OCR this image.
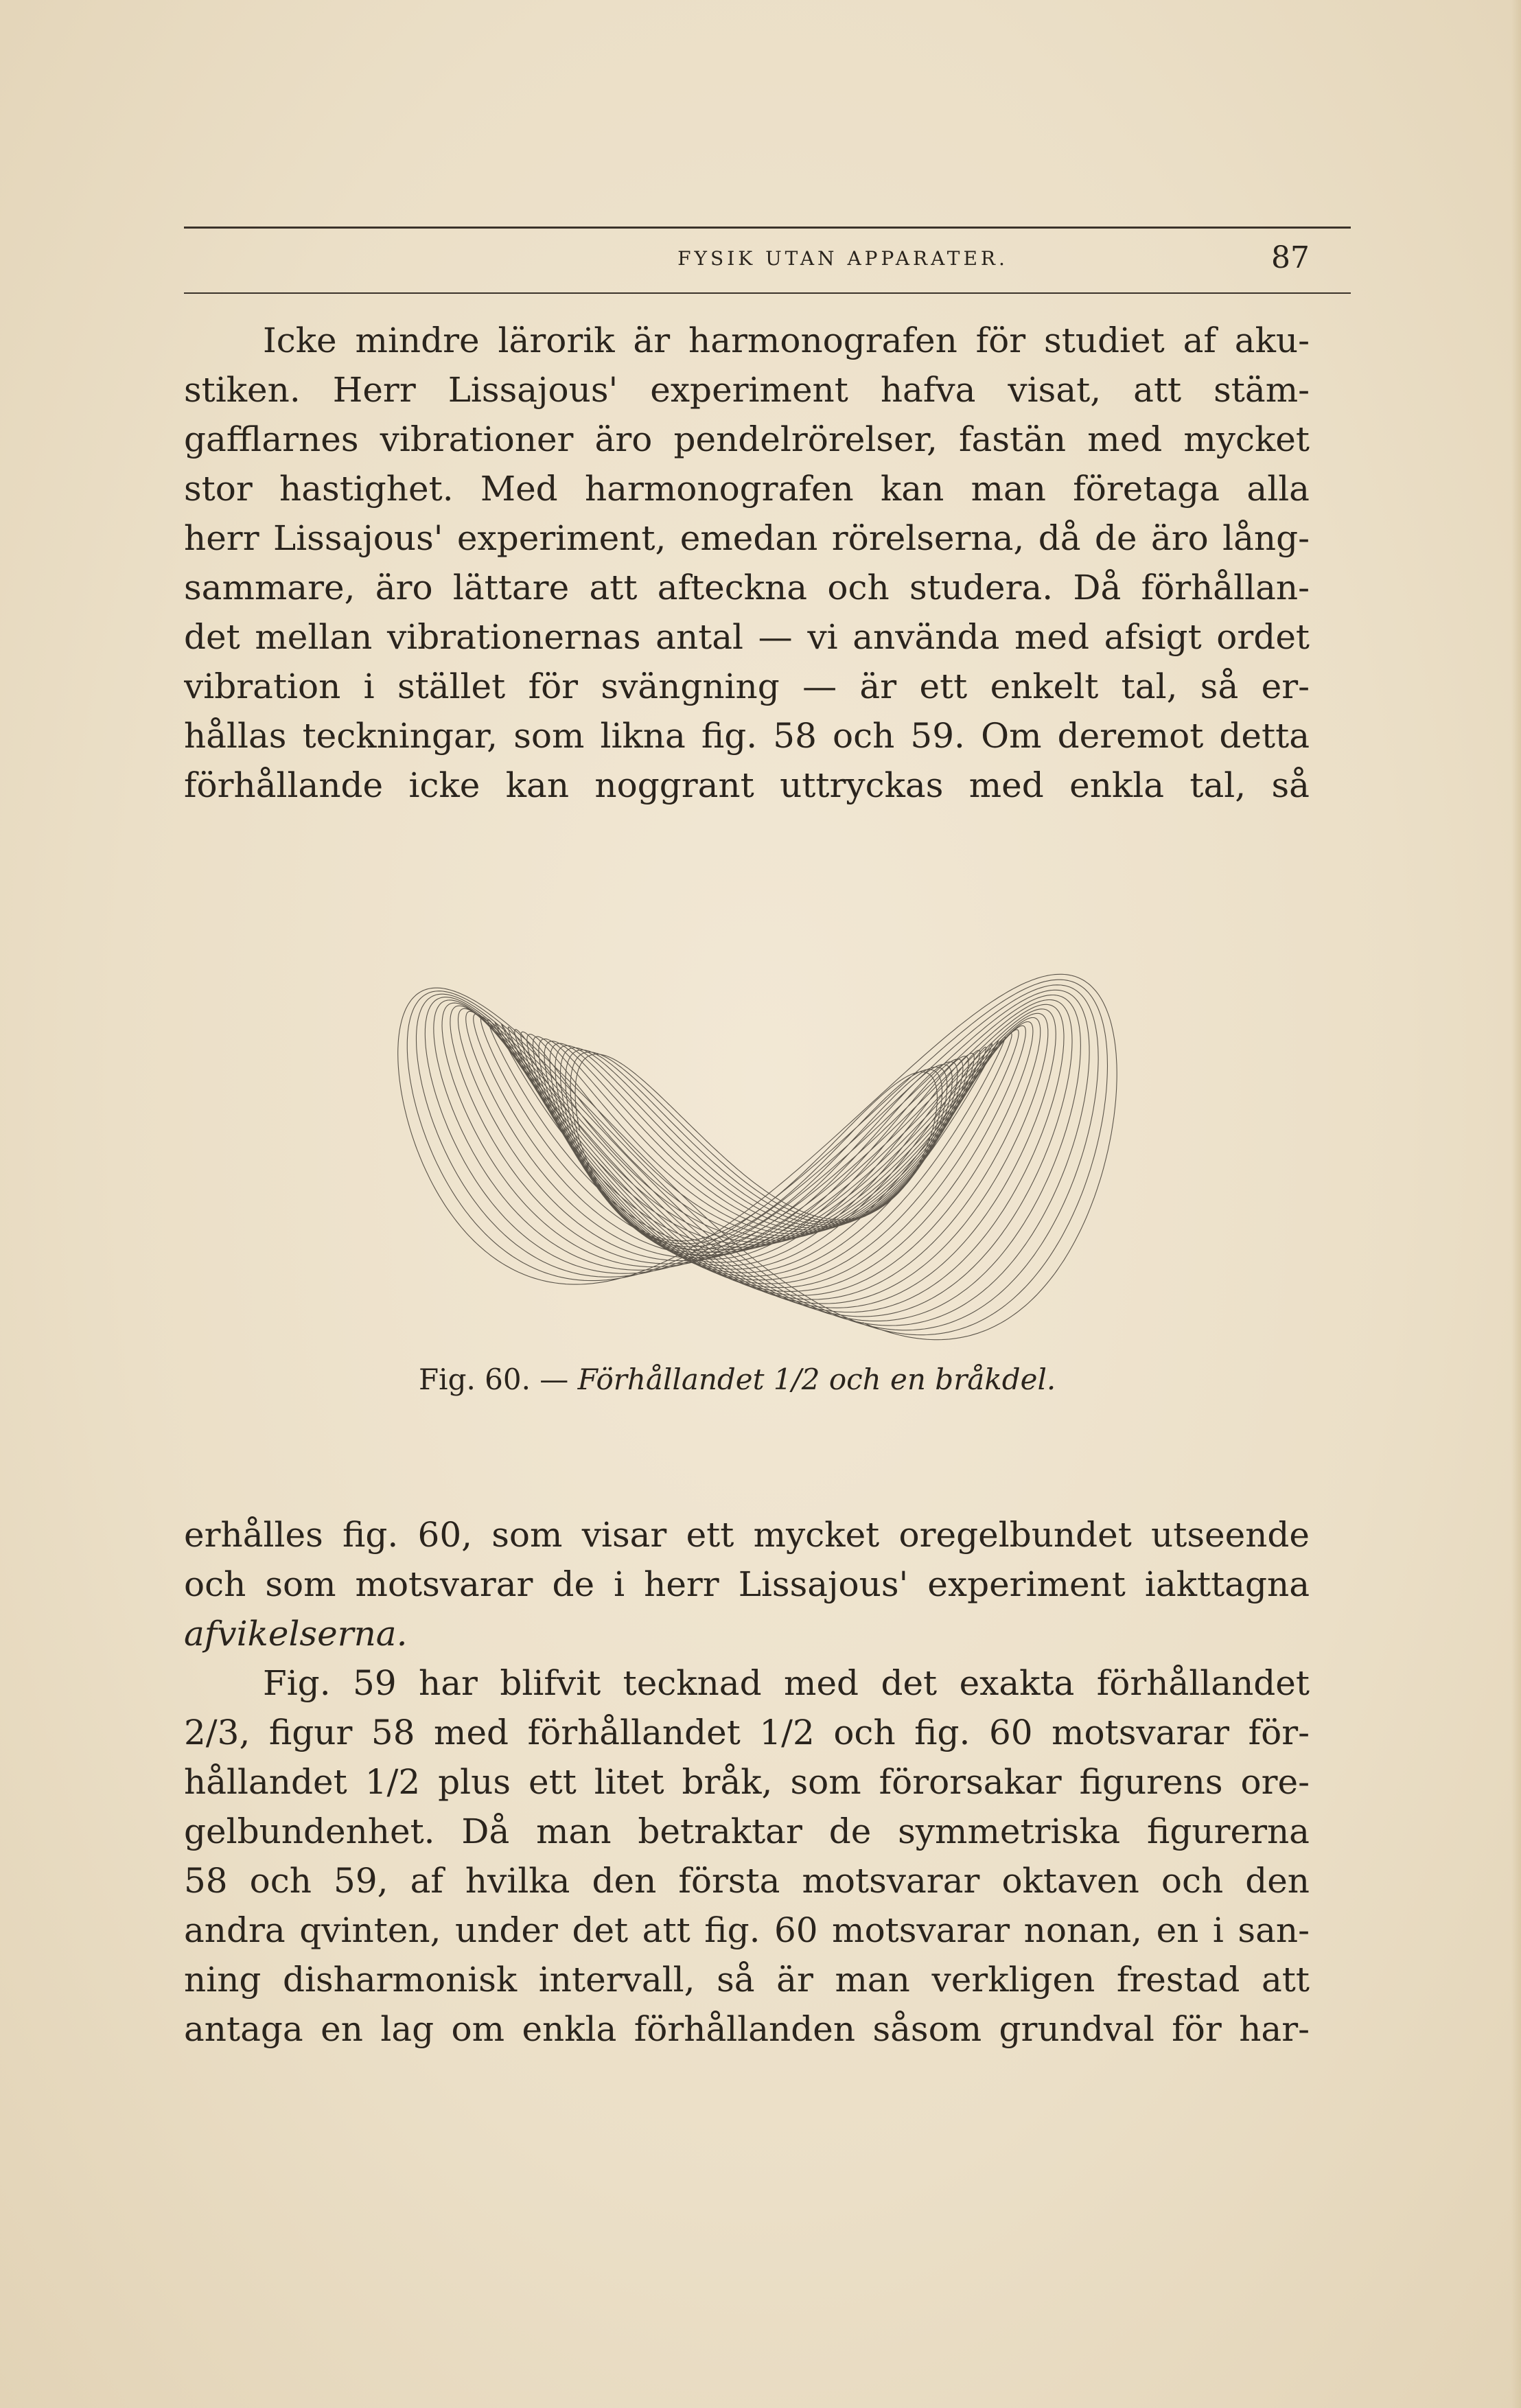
FYSIK UTAN APPARATER.	87
Icke mindre lärorik är harmonografen för studiet af aku-
stiken. Herr Lissajous' experiment hafva visat, att stäm-
gafflarnes vibrationer äro pendelrörelser, fastän med mycket
stor hastighet. Med harmonografen kan man företaga alla
herr Lissajous' experiment, emedan rörelserna, då de äro lång-
sammare, äro lättare att afteckna och studera. Då förhållan-
det mellan vibrationernas antal — vi använda med afsigt ordet
vibration i stället för svängning — är ett enkelt tal, så er-
hållas teckningar, som likna fig. 58 och 59. Om deremot detta
förhållande icke kan noggrant uttryckas med enkla tal, så
Fig. 60. — Förhållandet 1/2 och en bråkdel.
erhålles fig. 60, som visar ett mycket oregelbundet utseende
och som motsvarar de i herr Lissajous' experiment iakttagna
afvikelserna.
Fig. 59 har blifvit tecknad med det exakta förhållandet
2/3, figur 58 med förhållandet 1/2 och fig. 60 motsvarar för-
hållandet 1/2 plus ett litet bråk, som förorsakar figurens ore-
gelbundenhet. Då man betraktar de symmetriska figurerna
58 och 59, af hvilka den första motsvarar oktaven och den
andra qvinten, under det att fig. 60 motsvarar nonan, en i san-
ning disharmonisk intervall, så är man verkligen frestad att
antaga en lag om enkla förhållanden såsom grundval för har-
